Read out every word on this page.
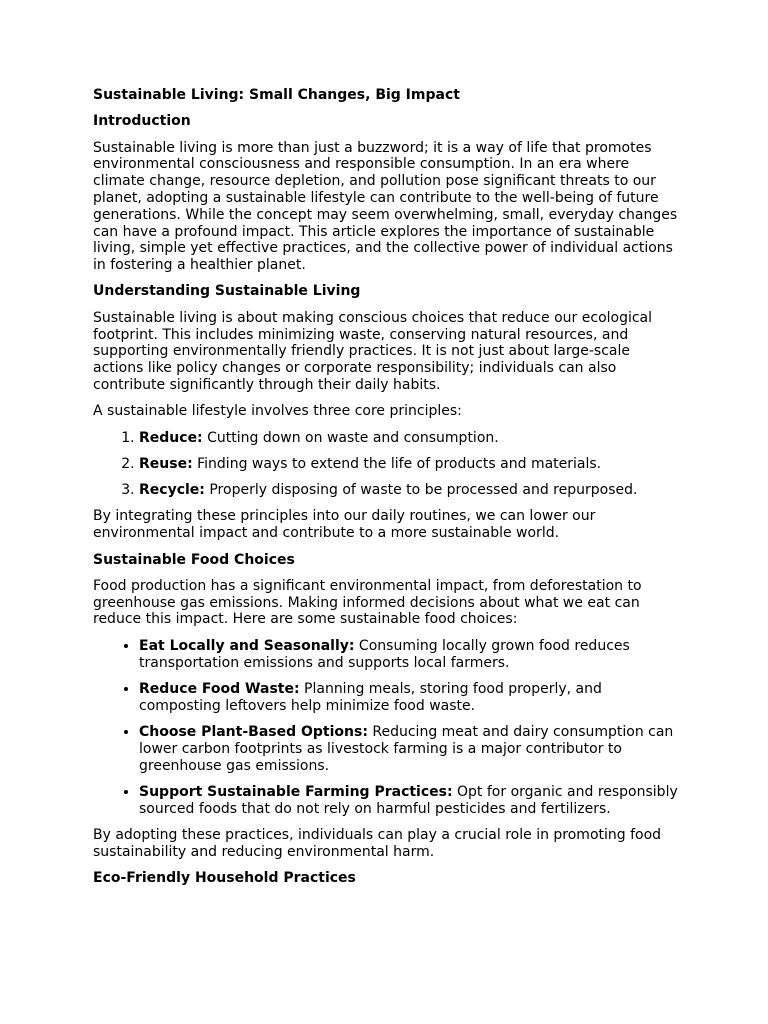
Sustainable Living: Small Changes, Big Impact
Introduction

Sustainable living is more than just a buzzword; it is a way of life that promotes environmental consciousness and responsible consumption. In an era where climate change, resource depletion, and pollution pose significant threats to our planet, adopting a sustainable lifestyle can contribute to the well-being of future generations. While the concept may seem overwhelming, small, everyday changes can have a profound impact. This article explores the importance of sustainable living, simple yet effective practices, and the collective power of individual actions in fostering a healthier planet.

Understanding Sustainable Living

Sustainable living is about making conscious choices that reduce our ecological footprint. This includes minimizing waste, conserving natural resources, and supporting environmentally friendly practices. It is not just about large-scale actions like policy changes or corporate responsibility; individuals can also contribute significantly through their daily habits.

A sustainable lifestyle involves three core principles:

1. Reduce: Cutting down on waste and consumption.
2. Reuse: Finding ways to extend the life of products and materials.
3. Recycle: Properly disposing of waste to be processed and repurposed.

By integrating these principles into our daily routines, we can lower our environmental impact and contribute to a more sustainable world.

Sustainable Food Choices

Food production has a significant environmental impact, from deforestation to greenhouse gas emissions. Making informed decisions about what we eat can reduce this impact. Here are some sustainable food choices:

• Eat Locally and Seasonally: Consuming locally grown food reduces transportation emissions and supports local farmers.
• Reduce Food Waste: Planning meals, storing food properly, and composting leftovers help minimize food waste.
• Choose Plant-Based Options: Reducing meat and dairy consumption can lower carbon footprints as livestock farming is a major contributor to greenhouse gas emissions.
• Support Sustainable Farming Practices: Opt for organic and responsibly sourced foods that do not rely on harmful pesticides and fertilizers.

By adopting these practices, individuals can play a crucial role in promoting food sustainability and reducing environmental harm.

Eco-Friendly Household Practices
